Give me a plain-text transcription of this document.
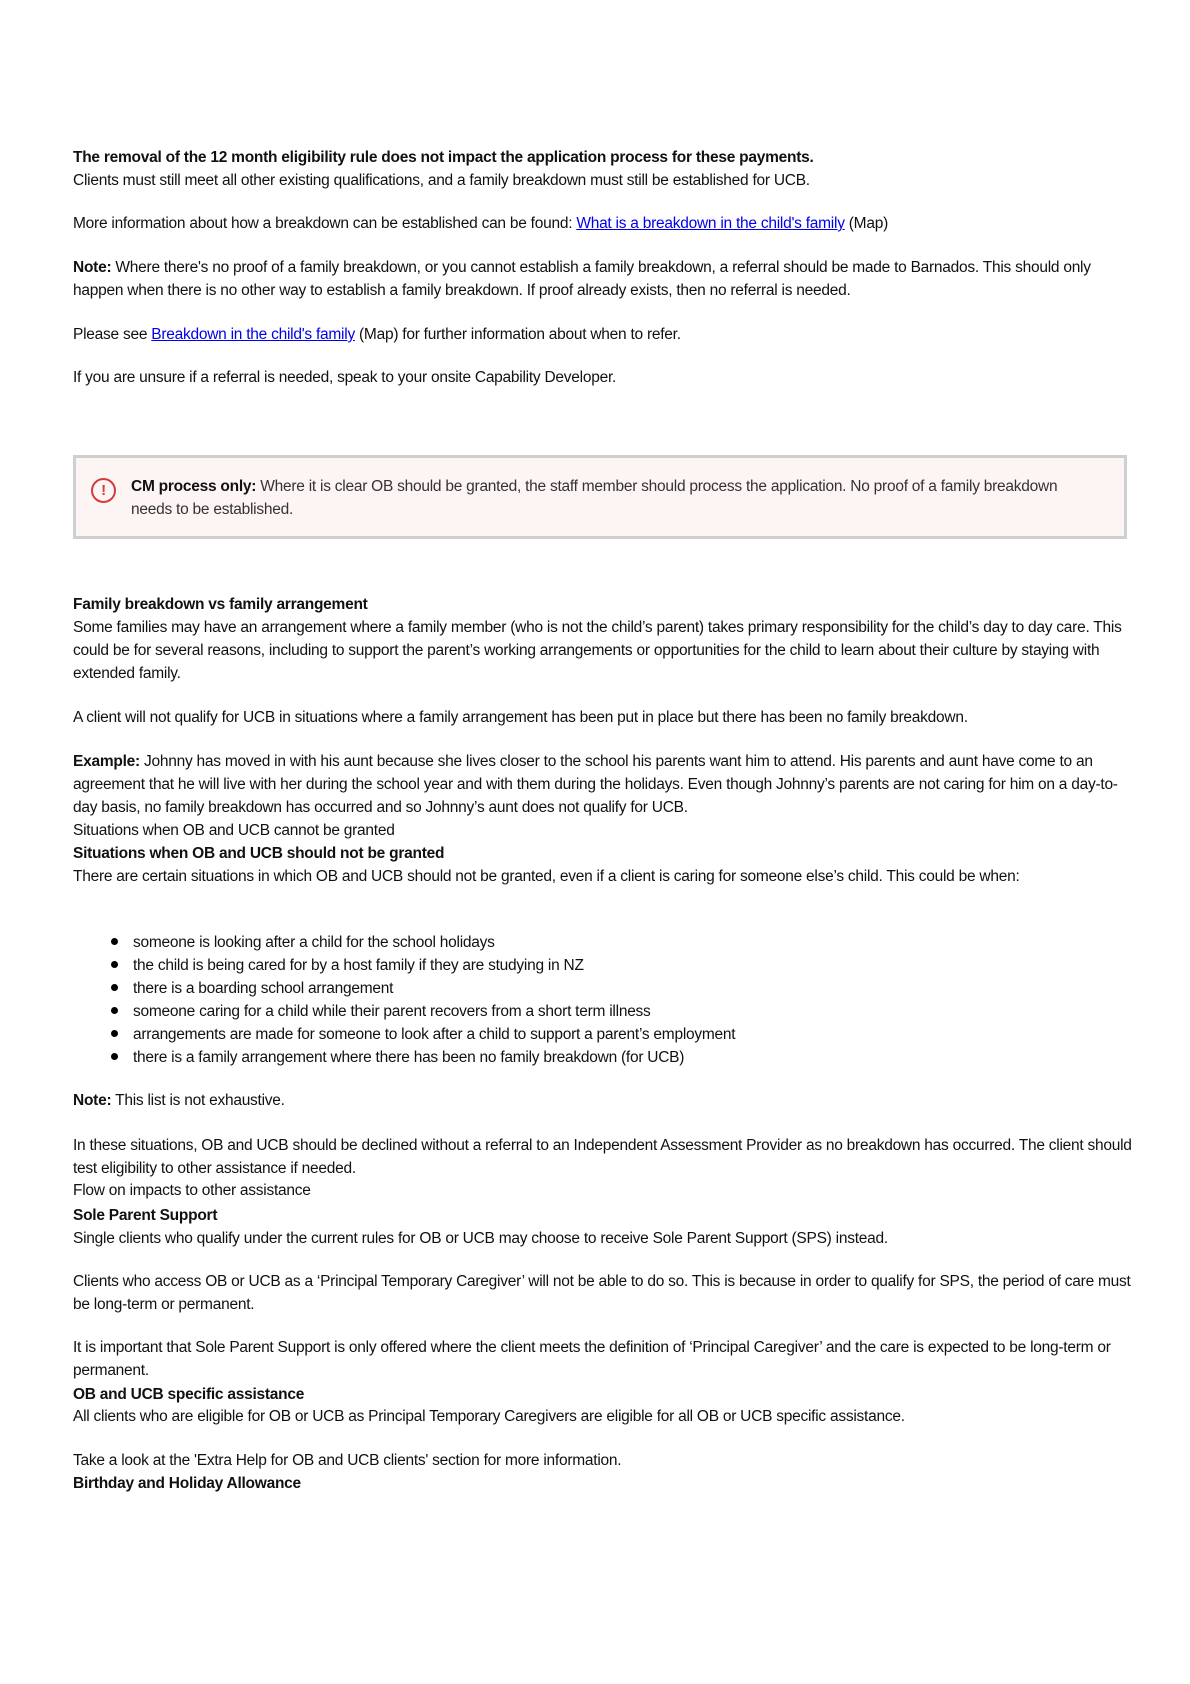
The removal of the 12 month eligibility rule does not impact the application process for these payments.
Clients must still meet all other existing qualifications, and a family breakdown must still be established for UCB.
More information about how a breakdown can be established can be found: What is a breakdown in the child's family (Map)
Note: Where there's no proof of a family breakdown, or you cannot establish a family breakdown, a referral should be made to Barnados. This should only happen when there is no other way to establish a family breakdown. If proof already exists, then no referral is needed.
Please see Breakdown in the child's family (Map) for further information about when to refer.
If you are unsure if a referral is needed, speak to your onsite Capability Developer.
!	CM process only: Where it is clear OB should be granted, the staff member should process the application. No proof of a family breakdown needs to be established.
Family breakdown vs family arrangement
Some families may have an arrangement where a family member (who is not the child’s parent) takes primary responsibility for the child’s day to day care. This could be for several reasons, including to support the parent’s working arrangements or opportunities for the child to learn about their culture by staying with extended family.
A client will not qualify for UCB in situations where a family arrangement has been put in place but there has been no family breakdown.
Example: Johnny has moved in with his aunt because she lives closer to the school his parents want him to attend. His parents and aunt have come to an agreement that he will live with her during the school year and with them during the holidays. Even though Johnny’s parents are not caring for him on a day-to-day basis, no family breakdown has occurred and so Johnny’s aunt does not qualify for UCB.
Situations when OB and UCB cannot be granted
Situations when OB and UCB should not be granted
There are certain situations in which OB and UCB should not be granted, even if a client is caring for someone else’s child. This could be when:
someone is looking after a child for the school holidays
the child is being cared for by a host family if they are studying in NZ
there is a boarding school arrangement
someone caring for a child while their parent recovers from a short term illness
arrangements are made for someone to look after a child to support a parent’s employment
there is a family arrangement where there has been no family breakdown (for UCB)
Note: This list is not exhaustive.
In these situations, OB and UCB should be declined without a referral to an Independent Assessment Provider as no breakdown has occurred. The client should test eligibility to other assistance if needed.
Flow on impacts to other assistance
Sole Parent Support
Single clients who qualify under the current rules for OB or UCB may choose to receive Sole Parent Support (SPS) instead.
Clients who access OB or UCB as a ‘Principal Temporary Caregiver’ will not be able to do so. This is because in order to qualify for SPS, the period of care must be long-term or permanent.
It is important that Sole Parent Support is only offered where the client meets the definition of ‘Principal Caregiver’ and the care is expected to be long-term or permanent.
OB and UCB specific assistance
All clients who are eligible for OB or UCB as Principal Temporary Caregivers are eligible for all OB or UCB specific assistance.
Take a look at the 'Extra Help for OB and UCB clients' section for more information.
Birthday and Holiday Allowance
